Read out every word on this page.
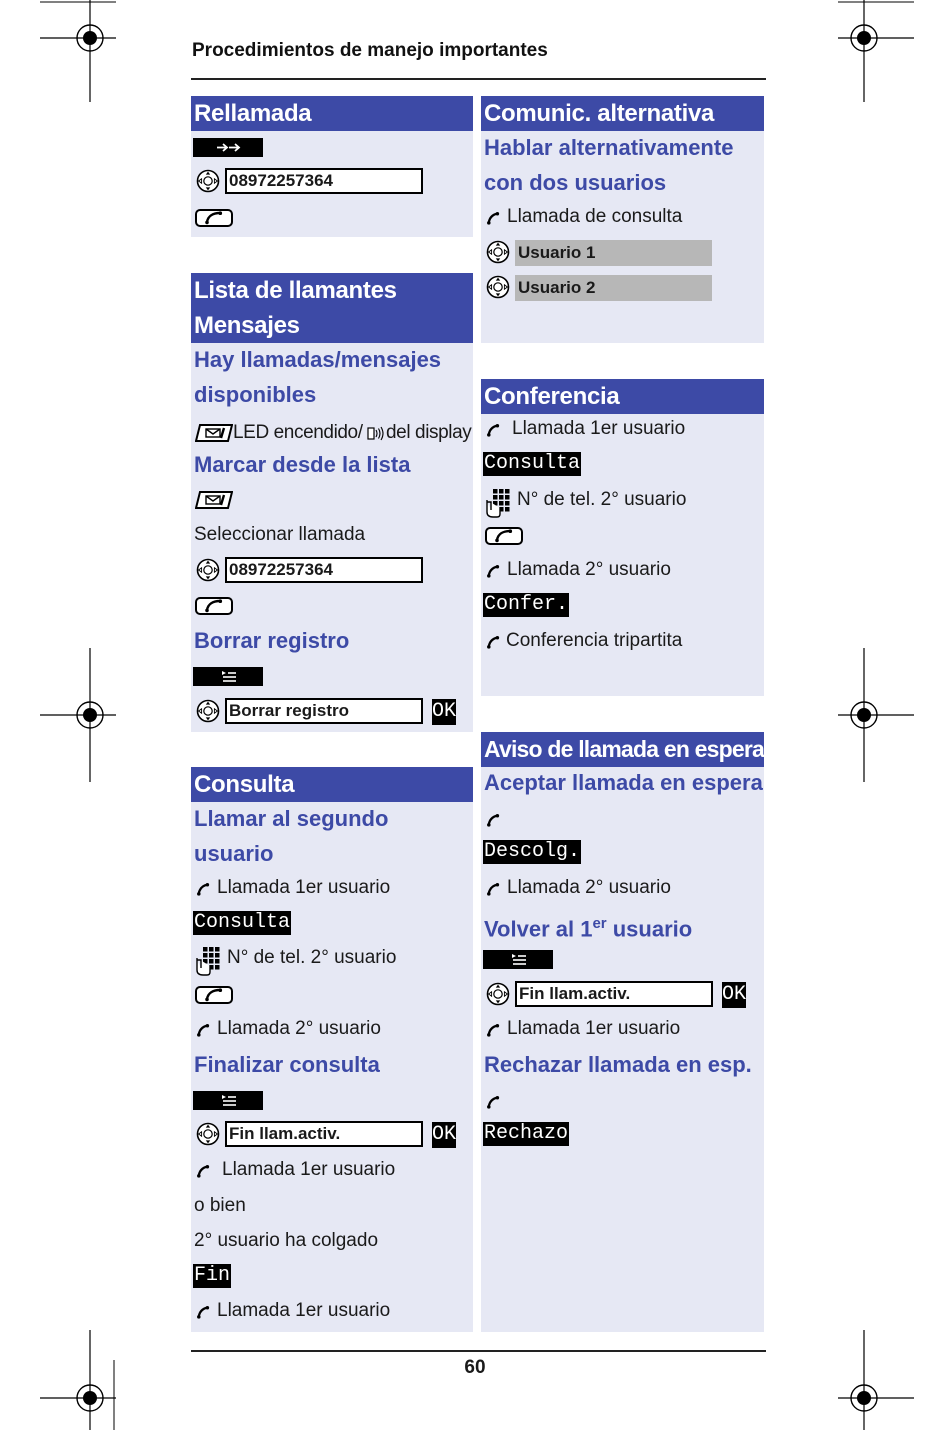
Procedimientos de manejo importantes
Rellamada
08972257364
Lista de llamantes
Mensajes
Hay llamadas/mensajes
disponibles
LED encendido/ del display
Marcar desde la lista
Seleccionar llamada
08972257364
Borrar registro
Borrar registro	OK
Consulta
Llamar al segundo
usuario
Llamada 1er usuario
Consulta
N° de tel. 2° usuario
Llamada 2° usuario
Finalizar consulta
Fin llam.activ.	OK
Llamada 1er usuario
o bien
2° usuario ha colgado
Fin
Llamada 1er usuario
Comunic. alternativa
Hablar alternativamente
con dos usuarios
Llamada de consulta
Usuario 1
Usuario 2
Conferencia
Llamada 1er usuario
Consulta
N° de tel. 2° usuario
Llamada 2° usuario
Confer.
Conferencia tripartita
Aviso de llamada en espera
Aceptar llamada en espera
Descolg.
Llamada 2° usuario
Volver al 1er usuario
Fin llam.activ.	OK
Llamada 1er usuario
Rechazar llamada en esp.
Rechazo
60
